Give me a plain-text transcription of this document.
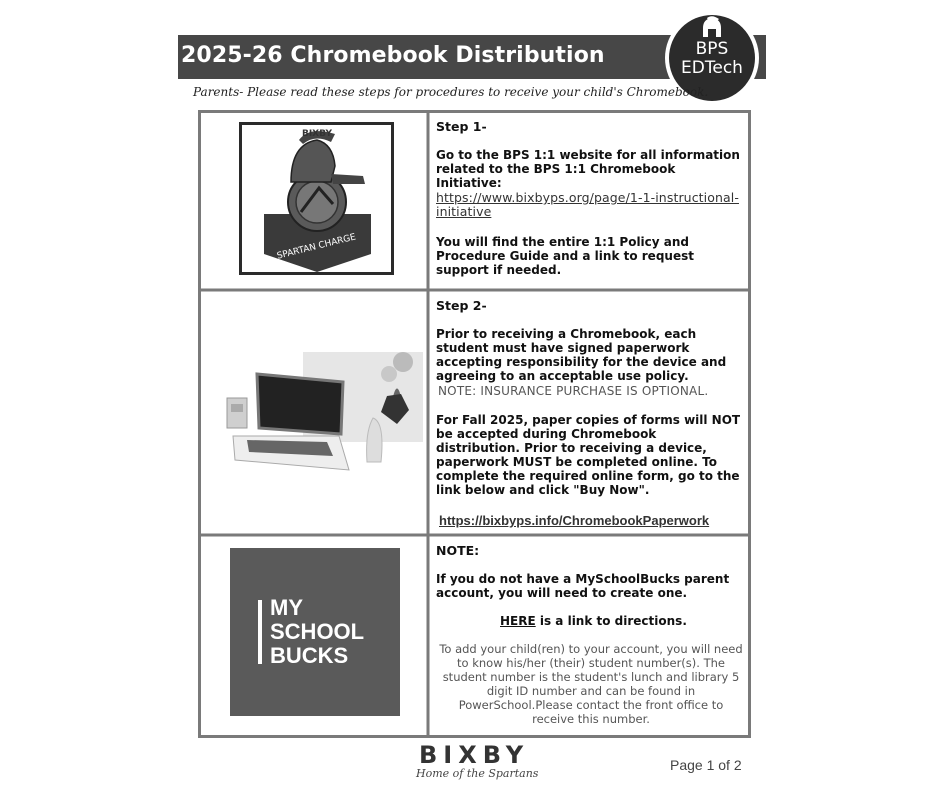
2025-26 Chromebook Distribution	BPS
EDTech
Parents- Please read these steps for procedures to receive your child's Chromebook.
BIXBY
SPARTAN CHARGE
Step 1-
Go to the BPS 1:1 website for all information related to the BPS 1:1 Chromebook Initiative:
https://www.bixbyps.org/page/1-1-instructional-initiative
You will find the entire 1:1 Policy and Procedure Guide and a link to request support if needed.
Step 2-
Prior to receiving a Chromebook, each student must have signed paperwork accepting responsibility for the device and agreeing to an acceptable use policy.
NOTE: INSURANCE PURCHASE IS OPTIONAL.
For Fall 2025, paper copies of forms will NOT be accepted during Chromebook distribution. Prior to receiving a device, paperwork MUST be completed online. To complete the required online form, go to the link below and click "Buy Now".
https://bixbyps.info/ChromebookPaperwork
MY
SCHOOL
BUCKS
NOTE:
If you do not have a MySchoolBucks parent account, you will need to create one.
HERE is a link to directions.
To add your child(ren) to your account, you will need to know his/her (their) student number(s). The student number is the student's lunch and library 5 digit ID number and can be found in PowerSchool.Please contact the front office to receive this number.
BIXBY
Home of the Spartans
Page 1 of 2
